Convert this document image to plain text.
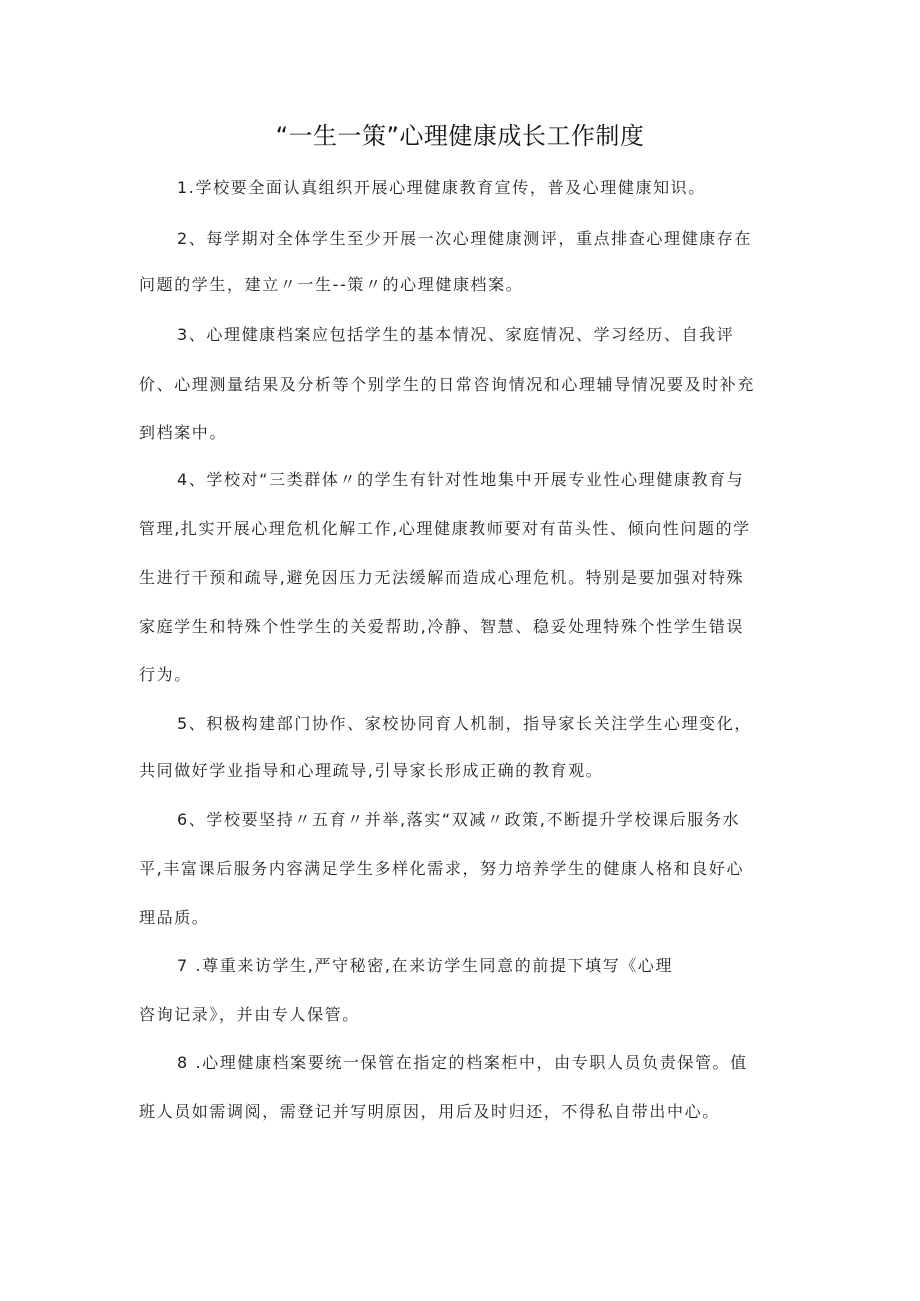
“一生一策”心理健康成长工作制度
1.学校要全面认真组织开展心理健康教育宣传，普及心理健康知识。
2、每学期对全体学生至少开展一次心理健康测评，重点排查心理健康存在
问题的学生，建立〃一生--策〃的心理健康档案。
3、心理健康档案应包括学生的基本情况、家庭情况、学习经历、自我评
价、心理测量结果及分析等个别学生的日常咨询情况和心理辅导情况要及时补充
到档案中。
4、学校对“三类群体〃的学生有针对性地集中开展专业性心理健康教育与
管理,扎实开展心理危机化解工作,心理健康教师要对有苗头性、倾向性问题的学
生进行干预和疏导,避免因压力无法缓解而造成心理危机。特别是要加强对特殊
家庭学生和特殊个性学生的关爱帮助,冷静、智慧、稳妥处理特殊个性学生错误
行为。
5、积极构建部门协作、家校协同育人机制，指导家长关注学生心理变化，
共同做好学业指导和心理疏导,引导家长形成正确的教育观。
6、学校要坚持〃五育〃并举,落实“双减〃政策,不断提升学校课后服务水
平,丰富课后服务内容满足学生多样化需求，努力培养学生的健康人格和良好心
理品质。
7 .尊重来访学生,严守秘密,在来访学生同意的前提下填写《心理
咨询记录》，并由专人保管。
8 .心理健康档案要统一保管在指定的档案柜中，由专职人员负责保管。值
班人员如需调阅，需登记并写明原因，用后及时归还，不得私自带出中心。
